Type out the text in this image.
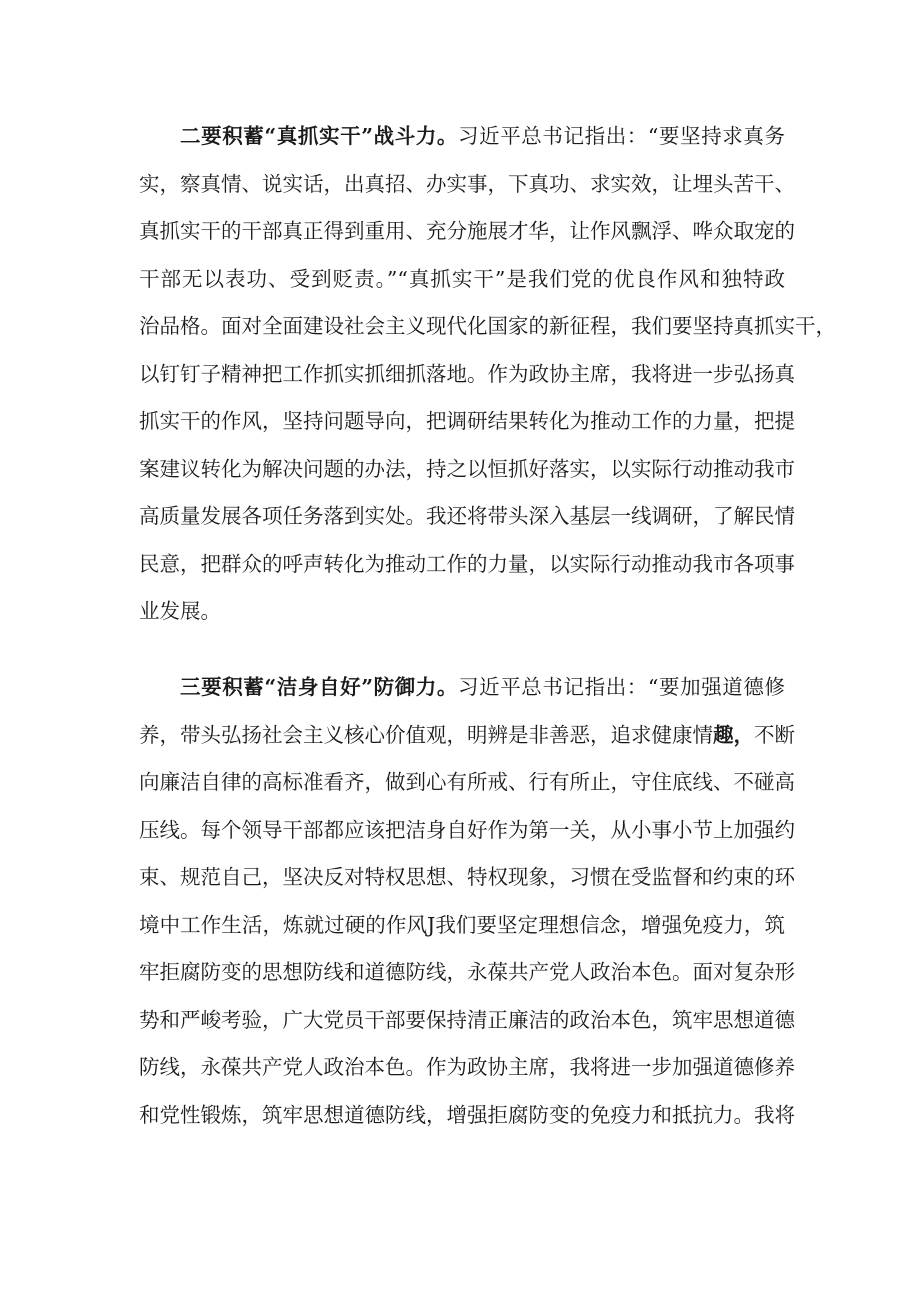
二要积蓄“真抓实干”战斗力。习近平总书记指出：“要坚持求真务
实，察真情、说实话，出真招、办实事，下真功、求实效，让埋头苦干、
真抓实干的干部真正得到重用、充分施展才华，让作风飘浮、哗众取宠的
干部无以表功、受到贬责。”“真抓实干”是我们党的优良作风和独特政
治品格。面对全面建设社会主义现代化国家的新征程，我们要坚持真抓实干，
以钉钉子精神把工作抓实抓细抓落地。作为政协主席，我将进一步弘扬真
抓实干的作风，坚持问题导向，把调研结果转化为推动工作的力量，把提
案建议转化为解决问题的办法，持之以恒抓好落实，以实际行动推动我市
高质量发展各项任务落到实处。我还将带头深入基层一线调研，了解民情
民意，把群众的呼声转化为推动工作的力量，以实际行动推动我市各项事
业发展。
三要积蓄“洁身自好”防御力。习近平总书记指出：“要加强道德修
养，带头弘扬社会主义核心价值观，明辨是非善恶，追求健康情趣，不断
向廉洁自律的高标准看齐，做到心有所戒、行有所止，守住底线、不碰高
压线。每个领导干部都应该把洁身自好作为第一关，从小事小节上加强约
束、规范自己，坚决反对特权思想、特权现象，习惯在受监督和约束的环
境中工作生活，炼就过硬的作风J我们要坚定理想信念，增强免疫力，筑
牢拒腐防变的思想防线和道德防线，永葆共产党人政治本色。面对复杂形
势和严峻考验，广大党员干部要保持清正廉洁的政治本色，筑牢思想道德
防线，永葆共产党人政治本色。作为政协主席，我将进一步加强道德修养
和党性锻炼，筑牢思想道德防线，增强拒腐防变的免疫力和抵抗力。我将
